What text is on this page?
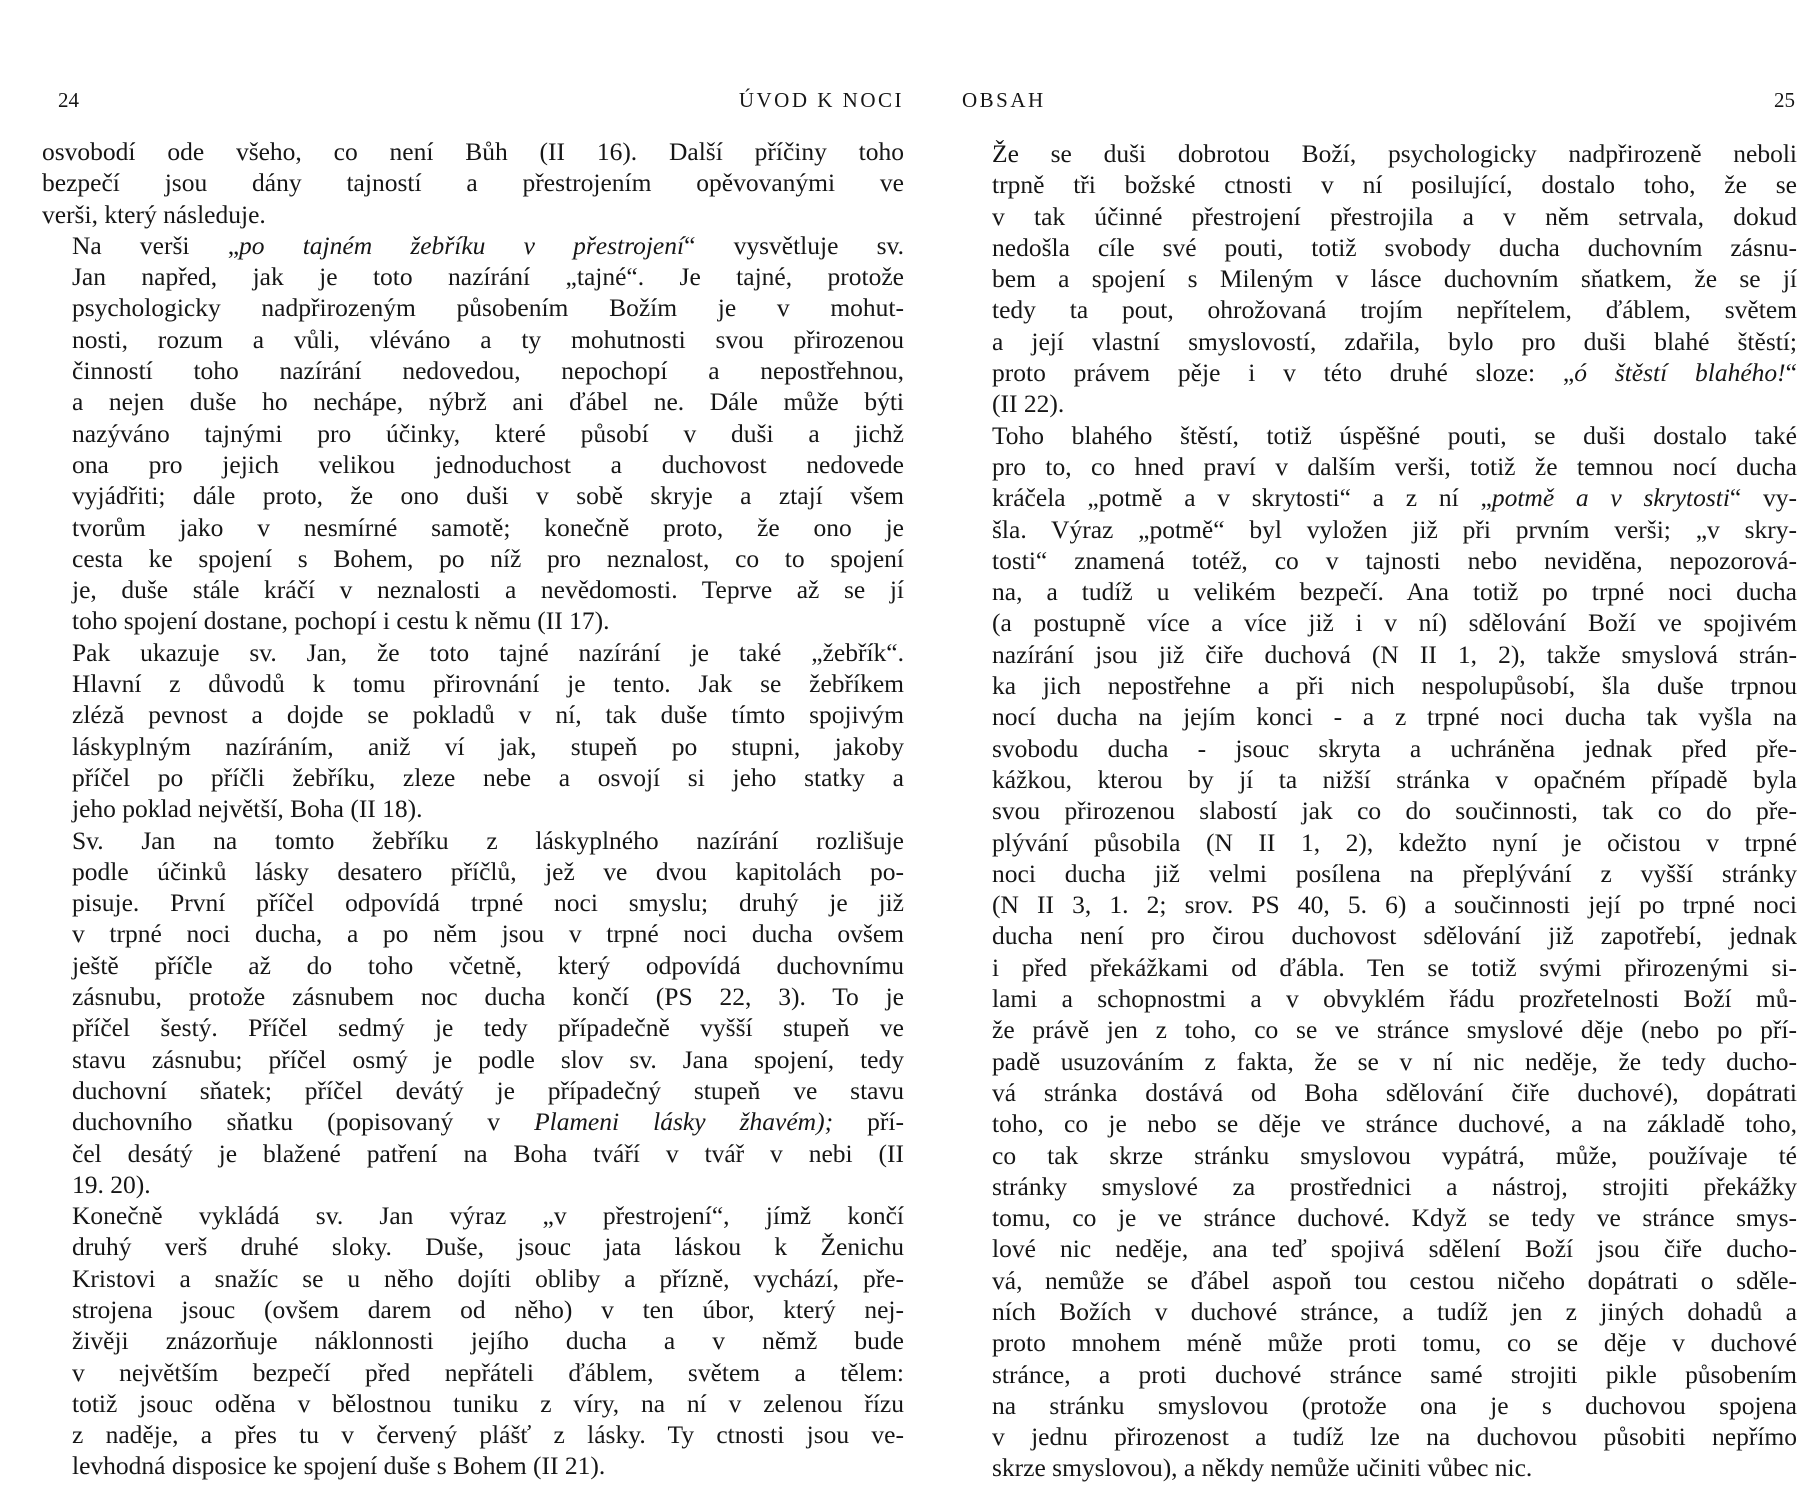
24	ÚVOD K NOCI

osvobodí ode všeho, co není Bůh (II 16). Další příčiny toho
bezpečí jsou dány tajností a přestrojením opěvovanými ve
verši, který následuje.

Na verši „po tajném žebříku v přestrojení“ vysvětluje sv.
Jan napřed, jak je toto nazírání „tajné“. Je tajné, protože
psychologicky nadpřirozeným působením Božím je v mohut-
nosti, rozum a vůli, vléváno a ty mohutnosti svou přirozenou
činností toho nazírání nedovedou, nepochopí a nepostřehnou,
a nejen duše ho nechápe, nýbrž ani ďábel ne. Dále může býti
nazýváno tajnými pro účinky, které působí v duši a jichž
ona pro jejich velikou jednoduchost a duchovost nedovede
vyjádřiti; dále proto, že ono duši v sobě skryje a ztají všem
tvorům jako v nesmírné samotě; konečně proto, že ono je
cesta ke spojení s Bohem, po níž pro neznalost, co to spojení
je, duše stále kráčí v neznalosti a nevědomosti. Teprve až se jí
toho spojení dostane, pochopí i cestu k němu (II 17).

Pak ukazuje sv. Jan, že toto tajné nazírání je také „žebřík“.
Hlavní z důvodů k tomu přirovnání je tento. Jak se žebříkem
zléză pevnost a dojde se pokladů v ní, tak duše tímto spojivým
láskyplným nazíráním, aniž ví jak, stupeň po stupni, jakoby
příčel po příčli žebříku, zleze nebe a osvojí si jeho statky a
jeho poklad největší, Boha (II 18).

Sv. Jan na tomto žebříku z láskyplného nazírání rozlišuje
podle účinků lásky desatero příčlů, jež ve dvou kapitolách po-
pisuje. První příčel odpovídá trpné noci smyslu; druhý je již
v trpné noci ducha, a po něm jsou v trpné noci ducha ovšem
ještě příčle až do toho včetně, který odpovídá duchovnímu
zásnubu, protože zásnubem noc ducha končí (PS 22, 3). To je
příčel šestý. Příčel sedmý je tedy případečně vyšší stupeň ve
stavu zásnubu; příčel osmý je podle slov sv. Jana spojení, tedy
duchovní sňatek; příčel devátý je případečný stupeň ve stavu
duchovního sňatku (popisovaný v Plameni lásky žhavém); pří-
čel desátý je blažené patření na Boha tváří v tvář v nebi (II
19. 20).

Konečně vykládá sv. Jan výraz „v přestrojení“, jímž končí
druhý verš druhé sloky. Duše, jsouc jata láskou k Ženichu
Kristovi a snažíc se u něho dojíti obliby a přízně, vychází, pře-
strojena jsouc (ovšem darem od něho) v ten úbor, který nej-
živěji znázorňuje náklonnosti jejího ducha a v němž bude
v největším bezpečí před nepřáteli ďáblem, světem a tělem:
totiž jsouc oděna v bělostnou tuniku z víry, na ní v zelenou řízu
z naděje, a přes tu v červený plášť z lásky. Ty ctnosti jsou ve-
levhodná disposice ke spojení duše s Bohem (II 21).

OBSAH	25

Že se duši dobrotou Boží, psychologicky nadpřirozeně neboli
trpně tři božské ctnosti v ní posilující, dostalo toho, že se
v tak účinné přestrojení přestrojila a v něm setrvala, dokud
nedošla cíle své pouti, totiž svobody ducha duchovním zásnu-
bem a spojení s Mileným v lásce duchovním sňatkem, že se jí
tedy ta pout, ohrožovaná trojím nepřítelem, ďáblem, světem
a její vlastní smyslovostí, zdařila, bylo pro duši blahé štěstí;
proto právem pěje i v této druhé sloze: „ó štěstí blahého!“
(II 22).

Toho blahého štěstí, totiž úspěšné pouti, se duši dostalo také
pro to, co hned praví v dalším verši, totiž že temnou nocí ducha
kráčela „potmě a v skrytosti“ a z ní „potmě a v skrytosti“ vy-
šla. Výraz „potmě“ byl vyložen již při prvním verši; „v skry-
tosti“ znamená totéž, co v tajnosti nebo neviděna, nepozorová-
na, a tudíž u velikém bezpečí. Ana totiž po trpné noci ducha
(a postupně více a více již i v ní) sdělování Boží ve spojivém
nazírání jsou již čiře duchová (N II 1, 2), takže smyslová strán-
ka jich nepostřehne a při nich nespolupůsobí, šla duše trpnou
nocí ducha na jejím konci - a z trpné noci ducha tak vyšla na
svobodu ducha - jsouc skryta a uchráněna jednak před pře-
kážkou, kterou by jí ta nižší stránka v opačném případě byla
svou přirozenou slabostí jak co do součinnosti, tak co do pře-
plývání působila (N II 1, 2), kdežto nyní je očistou v trpné
noci ducha již velmi posílena na přeplývání z vyšší stránky
(N II 3, 1. 2; srov. PS 40, 5. 6) a součinnosti její po trpné noci
ducha není pro čirou duchovost sdělování již zapotřebí, jednak
i před překážkami od ďábla. Ten se totiž svými přirozenými si-
lami a schopnostmi a v obvyklém řádu prozřetelnosti Boží mů-
že právě jen z toho, co se ve stránce smyslové děje (nebo po pří-
padě usuzováním z fakta, že se v ní nic neděje, že tedy ducho-
vá stránka dostává od Boha sdělování čiře duchové), dopátrati
toho, co je nebo se děje ve stránce duchové, a na základě toho,
co tak skrze stránku smyslovou vypátrá, může, používaje té
stránky smyslové za prostřednici a nástroj, strojiti překážky
tomu, co je ve stránce duchové. Když se tedy ve stránce smys-
lové nic neděje, ana teď spojivá sdělení Boží jsou čiře ducho-
vá, nemůže se ďábel aspoň tou cestou ničeho dopátrati o sděle-
ních Božích v duchové stránce, a tudíž jen z jiných dohadů a
proto mnohem méně může proti tomu, co se děje v duchové
stránce, a proti duchové stránce samé strojiti pikle působením
na stránku smyslovou (protože ona je s duchovou spojena
v jednu přirozenost a tudíž lze na duchovou působiti nepřímo
skrze smyslovou), a někdy nemůže učiniti vůbec nic.
